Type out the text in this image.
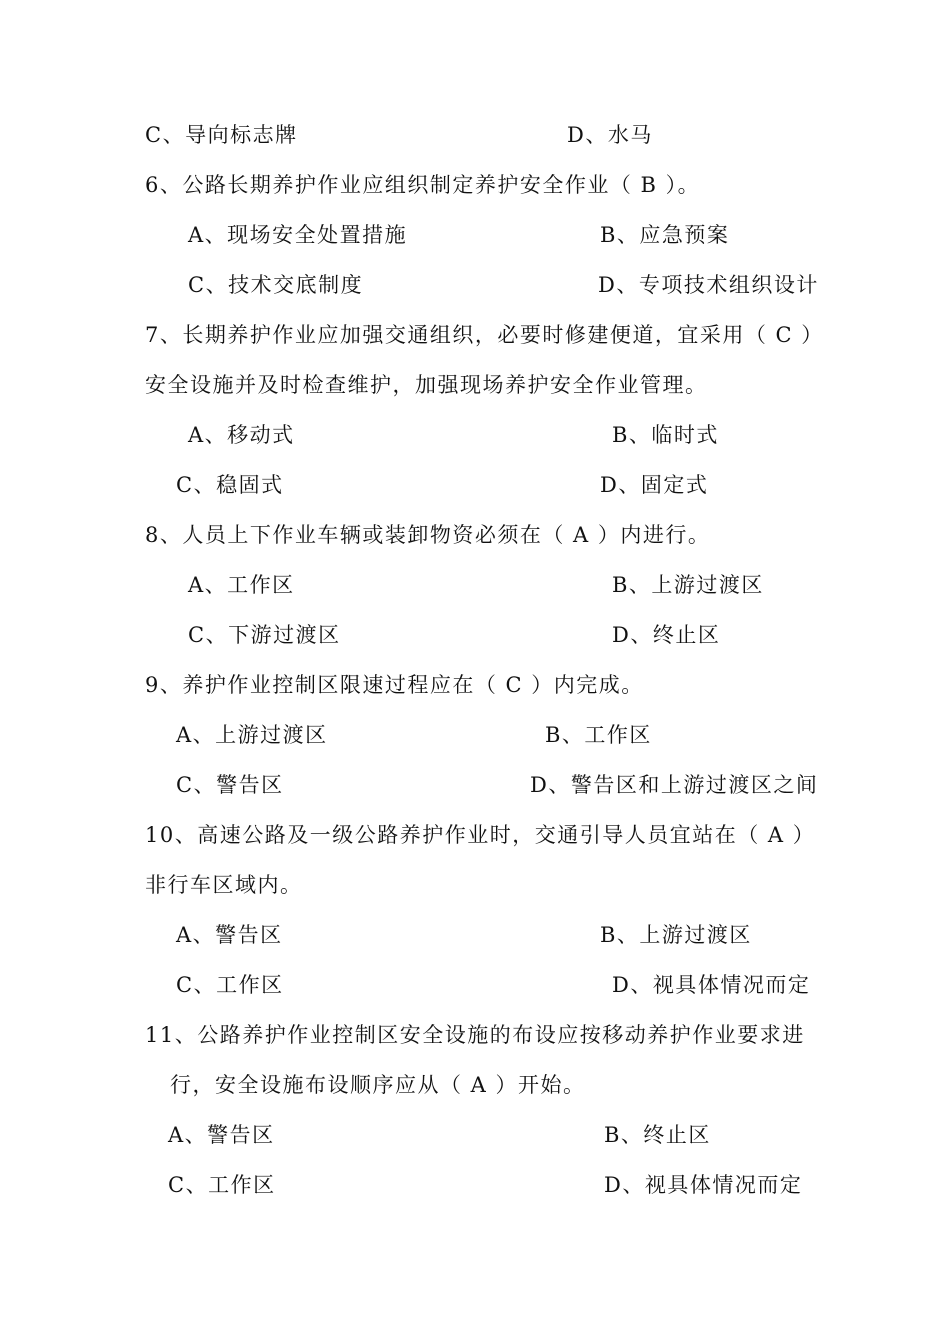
C、导向标志牌	D、水马
6、公路长期养护作业应组织制定养护安全作业（ B ）。
A、现场安全处置措施	B、应急预案
C、技术交底制度	D、专项技术组织设计
7、长期养护作业应加强交通组织，必要时修建便道，宜采用（ C ）
安全设施并及时检查维护，加强现场养护安全作业管理。
A、移动式	B、临时式
C、稳固式	D、固定式
8、人员上下作业车辆或装卸物资必须在（ A ）内进行。
A、工作区	B、上游过渡区
C、下游过渡区	D、终止区
9、养护作业控制区限速过程应在（ C ）内完成。
A、上游过渡区	B、工作区
C、警告区	D、警告区和上游过渡区之间
10、高速公路及一级公路养护作业时，交通引导人员宜站在（ A ）
非行车区域内。
A、警告区	B、上游过渡区
C、工作区	D、视具体情况而定
11、公路养护作业控制区安全设施的布设应按移动养护作业要求进
行，安全设施布设顺序应从（ A ）开始。
A、警告区	B、终止区
C、工作区	D、视具体情况而定
